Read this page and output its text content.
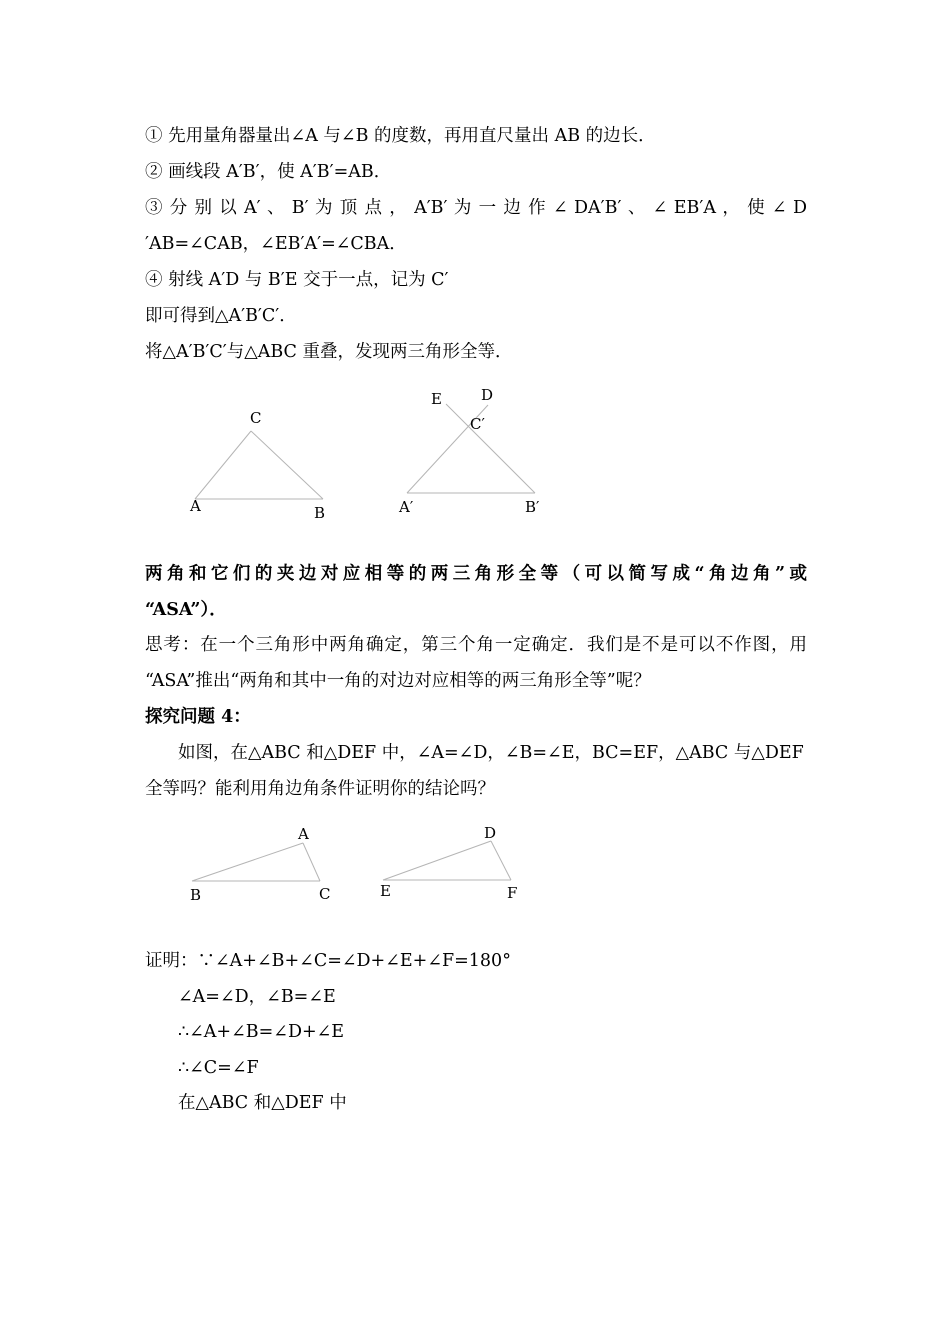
① 先用量角器量出∠A 与∠B 的度数，再用直尺量出 AB 的边长．
② 画线段 A′B′，使 A′B′=AB．
③ 分 别 以 A′ 、 B′ 为 顶 点 ， A′B′ 为 一 边 作 ∠ DA′B′ 、 ∠ EB′A ， 使 ∠ D
′AB=∠CAB，∠EB′A′=∠CBA．
④ 射线 A′D 与 B′E 交于一点，记为 C′
即可得到△A′B′C′．
将△A′B′C′与△ABC 重叠，发现两三角形全等．
C
A	B
E	D
C′
A′	B′
A
B	C
D
E	F
两角和它们的夹边对应相等的两三角形全等（可以简写成“角边角”或
“ASA”）．
思考：在一个三角形中两角确定，第三个角一定确定．我们是不是可以不作图，用
“ASA”推出“两角和其中一角的对边对应相等的两三角形全等”呢？
探究问题 4：
如图，在△ABC 和△DEF 中，∠A=∠D，∠B=∠E，BC=EF，△ABC 与△DEF
全等吗？能利用角边角条件证明你的结论吗？
证明：∵∠A+∠B+∠C=∠D+∠E+∠F=180°
∠A=∠D，∠B=∠E
∴∠A+∠B=∠D+∠E
∴∠C=∠F
在△ABC 和△DEF 中
